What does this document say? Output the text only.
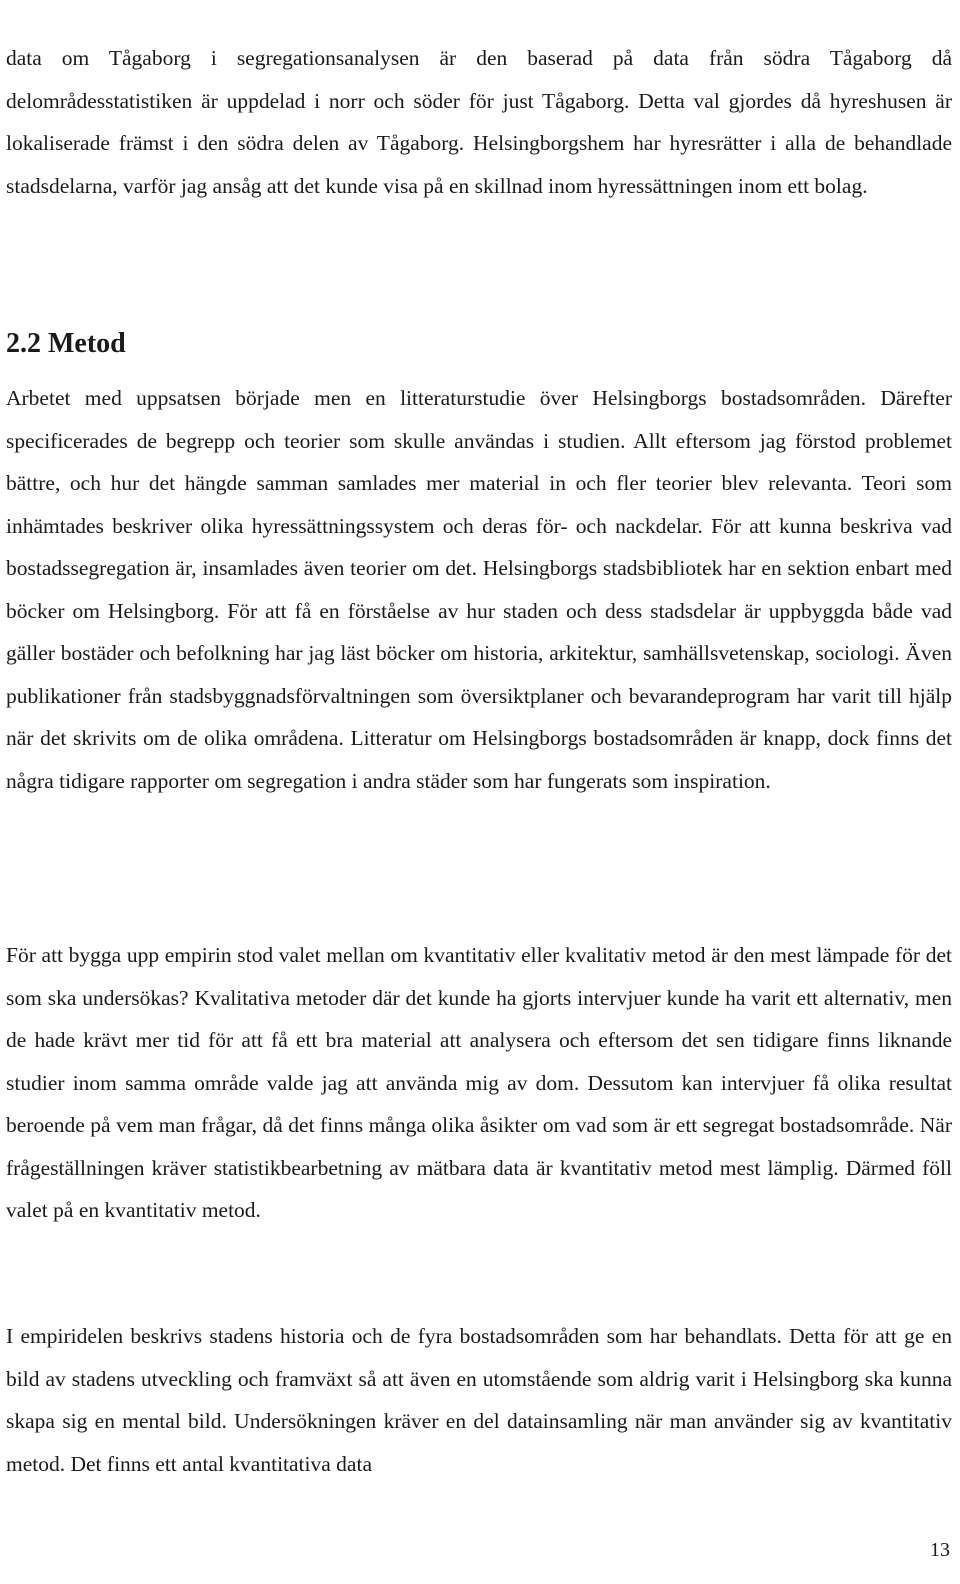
data om Tågaborg i segregationsanalysen är den baserad på data från södra Tågaborg då delområdesstatistiken är uppdelad i norr och söder för just Tågaborg. Detta val gjordes då hyreshusen är lokaliserade främst i den södra delen av Tågaborg. Helsingborgshem har hyresrätter i alla de behandlade stadsdelarna, varför jag ansåg att det kunde visa på en skillnad inom hyressättningen inom ett bolag.

2.2 Metod

Arbetet med uppsatsen började men en litteraturstudie över Helsingborgs bostadsområden. Därefter specificerades de begrepp och teorier som skulle användas i studien. Allt eftersom jag förstod problemet bättre, och hur det hängde samman samlades mer material in och fler teorier blev relevanta. Teori som inhämtades beskriver olika hyressättningssystem och deras för- och nackdelar. För att kunna beskriva vad bostadssegregation är, insamlades även teorier om det. Helsingborgs stadsbibliotek har en sektion enbart med böcker om Helsingborg. För att få en förståelse av hur staden och dess stadsdelar är uppbyggda både vad gäller bostäder och befolkning har jag läst böcker om historia, arkitektur, samhällsvetenskap, sociologi. Även publikationer från stadsbyggnadsförvaltningen som översiktplaner och bevarandeprogram har varit till hjälp när det skrivits om de olika områdena. Litteratur om Helsingborgs bostadsområden är knapp, dock finns det några tidigare rapporter om segregation i andra städer som har fungerats som inspiration.

För att bygga upp empirin stod valet mellan om kvantitativ eller kvalitativ metod är den mest lämpade för det som ska undersökas? Kvalitativa metoder där det kunde ha gjorts intervjuer kunde ha varit ett alternativ, men de hade krävt mer tid för att få ett bra material att analysera och eftersom det sen tidigare finns liknande studier inom samma område valde jag att använda mig av dom. Dessutom kan intervjuer få olika resultat beroende på vem man frågar, då det finns många olika åsikter om vad som är ett segregat bostadsområde. När frågeställningen kräver statistikbearbetning av mätbara data är kvantitativ metod mest lämplig. Därmed föll valet på en kvantitativ metod.

I empiridelen beskrivs stadens historia och de fyra bostadsområden som har behandlats. Detta för att ge en bild av stadens utveckling och framväxt så att även en utomstående som aldrig varit i Helsingborg ska kunna skapa sig en mental bild. Undersökningen kräver en del datainsamling när man använder sig av kvantitativ metod. Det finns ett antal kvantitativa data

13
